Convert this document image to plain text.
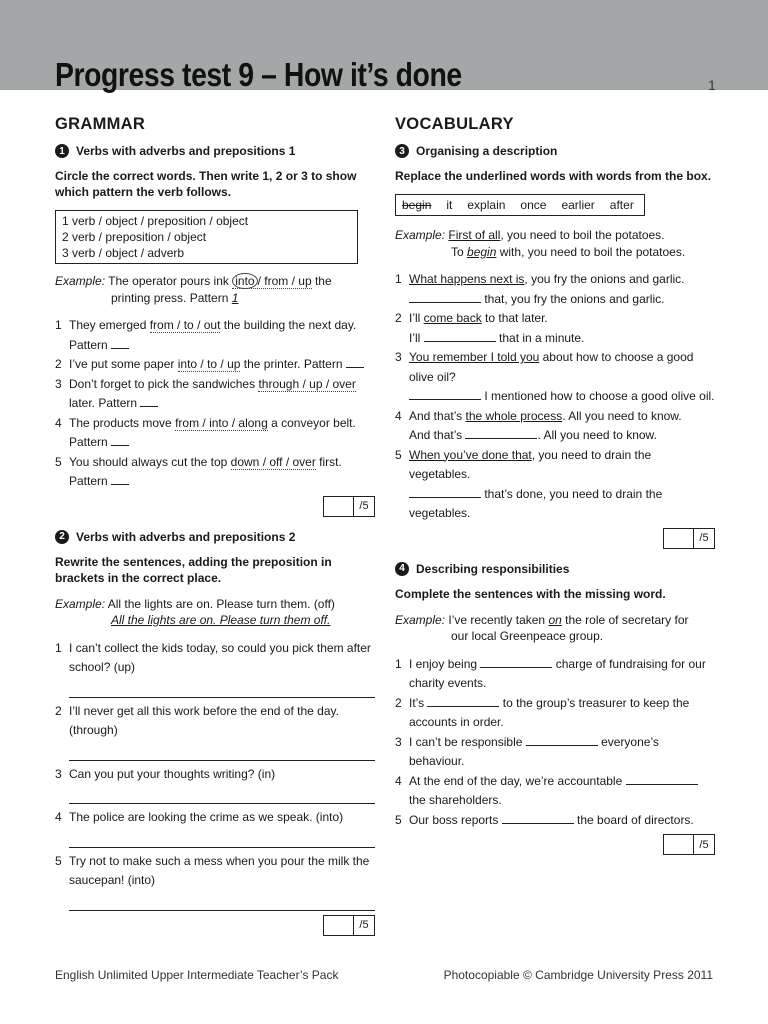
Progress test 9 – How it’s done	1
GRAMMAR
1 Verbs with adverbs and prepositions 1
Circle the correct words. Then write 1, 2 or 3 to show which pattern the verb follows.
1 verb / object / preposition / object
2 verb / preposition / object
3 verb / object / adverb
Example: The operator pours ink into / from / up the
printing press. Pattern 1
1 They emerged from / to / out the building the next day. Pattern
2 I’ve put some paper into / to / up the printer. Pattern
3 Don’t forget to pick the sandwiches through / up / over later. Pattern
4 The products move from / into / along a conveyor belt. Pattern
5 You should always cut the top down / off / over first. Pattern
/5
2 Verbs with adverbs and prepositions 2
Rewrite the sentences, adding the preposition in brackets in the correct place.
Example: All the lights are on. Please turn them. (off)
All the lights are on. Please turn them off.
1 I can’t collect the kids today, so could you pick them after school? (up)
2 I’ll never get all this work before the end of the day. (through)
3 Can you put your thoughts writing? (in)
4 The police are looking the crime as we speak. (into)
5 Try not to make such a mess when you pour the milk the saucepan! (into)
/5
VOCABULARY
3 Organising a description
Replace the underlined words with words from the box.
begin it explain once earlier after
Example: First of all, you need to boil the potatoes.
To begin with, you need to boil the potatoes.
1 What happens next is, you fry the onions and garlic.
that, you fry the onions and garlic.
2 I’ll come back to that later.
I’ll	that in a minute.
3 You remember I told you about how to choose a good olive oil?
I mentioned how to choose a good olive oil.
4 And that’s the whole process. All you need to know.
And that’s	. All you need to know.
5 When you’ve done that, you need to drain the vegetables.
that’s done, you need to drain the vegetables.
/5
4 Describing responsibilities
Complete the sentences with the missing word.
Example: I’ve recently taken on the role of secretary for
our local Greenpeace group.
1 I enjoy being	charge of fundraising for our charity events.
2 It’s	to the group’s treasurer to keep the accounts in order.
3 I can’t be responsible	everyone’s behaviour.
4 At the end of the day, we’re accountable  the shareholders.
5 Our boss reports	the board of directors.
/5
English Unlimited Upper Intermediate Teacher’s Pack	Photocopiable © Cambridge University Press 2011
